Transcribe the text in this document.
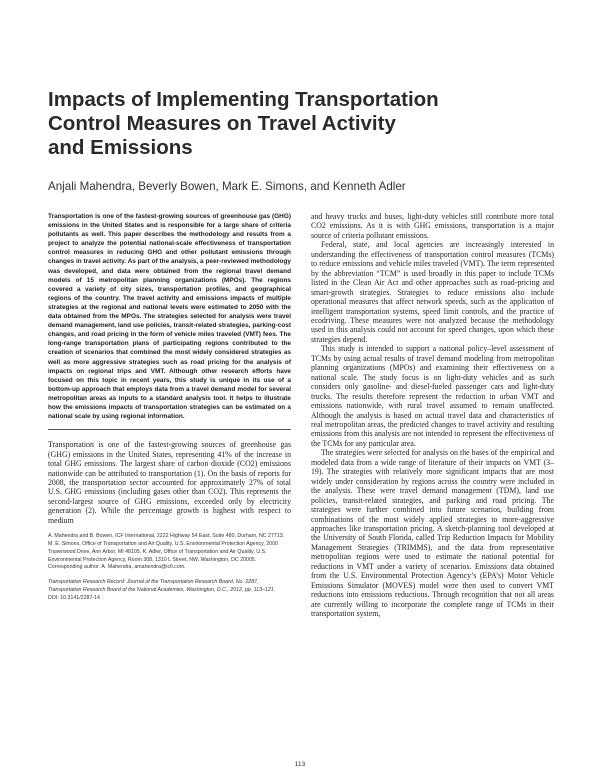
Impacts of Implementing Transportation
Control Measures on Travel Activity
and Emissions
Anjali Mahendra, Beverly Bowen, Mark E. Simons, and Kenneth Adler

Transportation is one of the fastest-growing sources of greenhouse gas (GHG) emissions in the United States and is responsible for a large share of criteria pollutants as well. This paper describes the methodology and results from a project to analyze the potential national-scale effectiveness of transportation control measures in reducing GHG and other pollutant emissions through changes in travel activity. As part of the analysis, a peer-reviewed methodology was developed, and data were obtained from the regional travel demand models of 15 metropolitan planning organizations (MPOs). The regions covered a variety of city sizes, transportation profiles, and geographical regions of the country. The travel activity and emissions impacts of multiple strategies at the regional and national levels were estimated to 2050 with the data obtained from the MPOs. The strategies selected for analysis were travel demand management, land use policies, transit-related strategies, parking-cost changes, and road pricing in the form of vehicle miles traveled (VMT) fees. The long-range transportation plans of participating regions contributed to the creation of scenarios that combined the most widely considered strategies as well as more aggressive strategies such as road pricing for the analysis of impacts on regional trips and VMT. Although other research efforts have focused on this topic in recent years, this study is unique in its use of a bottom-up approach that employs data from a travel demand model for several metropolitan areas as inputs to a standard analysis tool. It helps to illustrate how the emissions impacts of transportation strategies can be estimated on a national scale by using regional information.

Transportation is one of the fastest-growing sources of greenhouse gas (GHG) emissions in the United States, representing 41% of the increase in total GHG emissions. The largest share of carbon dioxide (CO2) emissions nationwide can be attributed to transportation (1). On the basis of reports for 2008, the transportation sector accounted for approximately 27% of total U.S. GHG emissions (including gases other than CO2). This represents the second-largest source of GHG emissions, exceeded only by electricity generation (2). While the percentage growth is highest with respect to medium

A. Mahendra and B. Bowen, ICF International, 2222 Highway 54 East, Suite 480, Durham, NC 27713. M. E. Simons, Office of Transportation and Air Quality, U.S. Environmental Protection Agency, 2000 Traverwood Drive, Ann Arbor, MI 48105. K. Adler, Office of Transportation and Air Quality, U.S. Environmental Protection Agency, Room 308, 1310 L Street, NW, Washington, DC 20005. Corresponding author: A. Mahendra, amahendra@icfi.com.

Transportation Research Record: Journal of the Transportation Research Board, No. 2287, Transportation Research Board of the National Academies, Washington, D.C., 2012, pp. 113–121.

DOI: 10.3141/2287-14

and heavy trucks and buses, light-duty vehicles still contribute more total CO2 emissions. As it is with GHG emissions, transportation is a major source of criteria pollutant emissions.

Federal, state, and local agencies are increasingly interested in understanding the effectiveness of transportation control measures (TCMs) to reduce emissions and vehicle miles traveled (VMT). The term represented by the abbreviation “TCM” is used broadly in this paper to include TCMs listed in the Clean Air Act and other approaches such as road-pricing and smart-growth strategies. Strategies to reduce emissions also include operational measures that affect network speeds, such as the application of intelligent transportation systems, speed limit controls, and the practice of ecodriving. These measures were not analyzed because the methodology used in this analysis could not account for speed changes, upon which these strategies depend.

This study is intended to support a national policy–level assessment of TCMs by using actual results of travel demand modeling from metropolitan planning organizations (MPOs) and examining their effectiveness on a national scale. The study focus is on light-duty vehicles and as such considers only gasoline- and diesel-fueled passenger cars and light-duty trucks. The results therefore represent the reduction in urban VMT and emissions nationwide, with rural travel assumed to remain unaffected. Although the analysis is based on actual travel data and characteristics of real metropolitan areas, the predicted changes to travel activity and resulting emissions from this analysis are not intended to represent the effectiveness of the TCMs for any particular area.

The strategies were selected for analysis on the bases of the empirical and modeled data from a wide range of literature of their impacts on VMT (3–19). The strategies with relatively more significant impacts that are most widely under consideration by regions across the country were included in the analysis. These were travel demand management (TDM), land use policies, transit-related strategies, and parking and road pricing. The strategies were further combined into future scenarios, building from combinations of the most widely applied strategies to more-aggressive approaches like transportation pricing. A sketch-planning tool developed at the University of South Florida, called Trip Reduction Impacts for Mobility Management Strategies (TRIMMS), and the data from representative metropolitan regions were used to estimate the national potential for reductions in VMT under a variety of scenarios. Emissions data obtained from the U.S. Environmental Protection Agency’s (EPA’s) Motor Vehicle Emissions Simulator (MOVES) model were then used to convert VMT reductions into emissions reductions. Through recognition that not all areas are currently willing to incorporate the complete range of TCMs in their transportation system,

113
